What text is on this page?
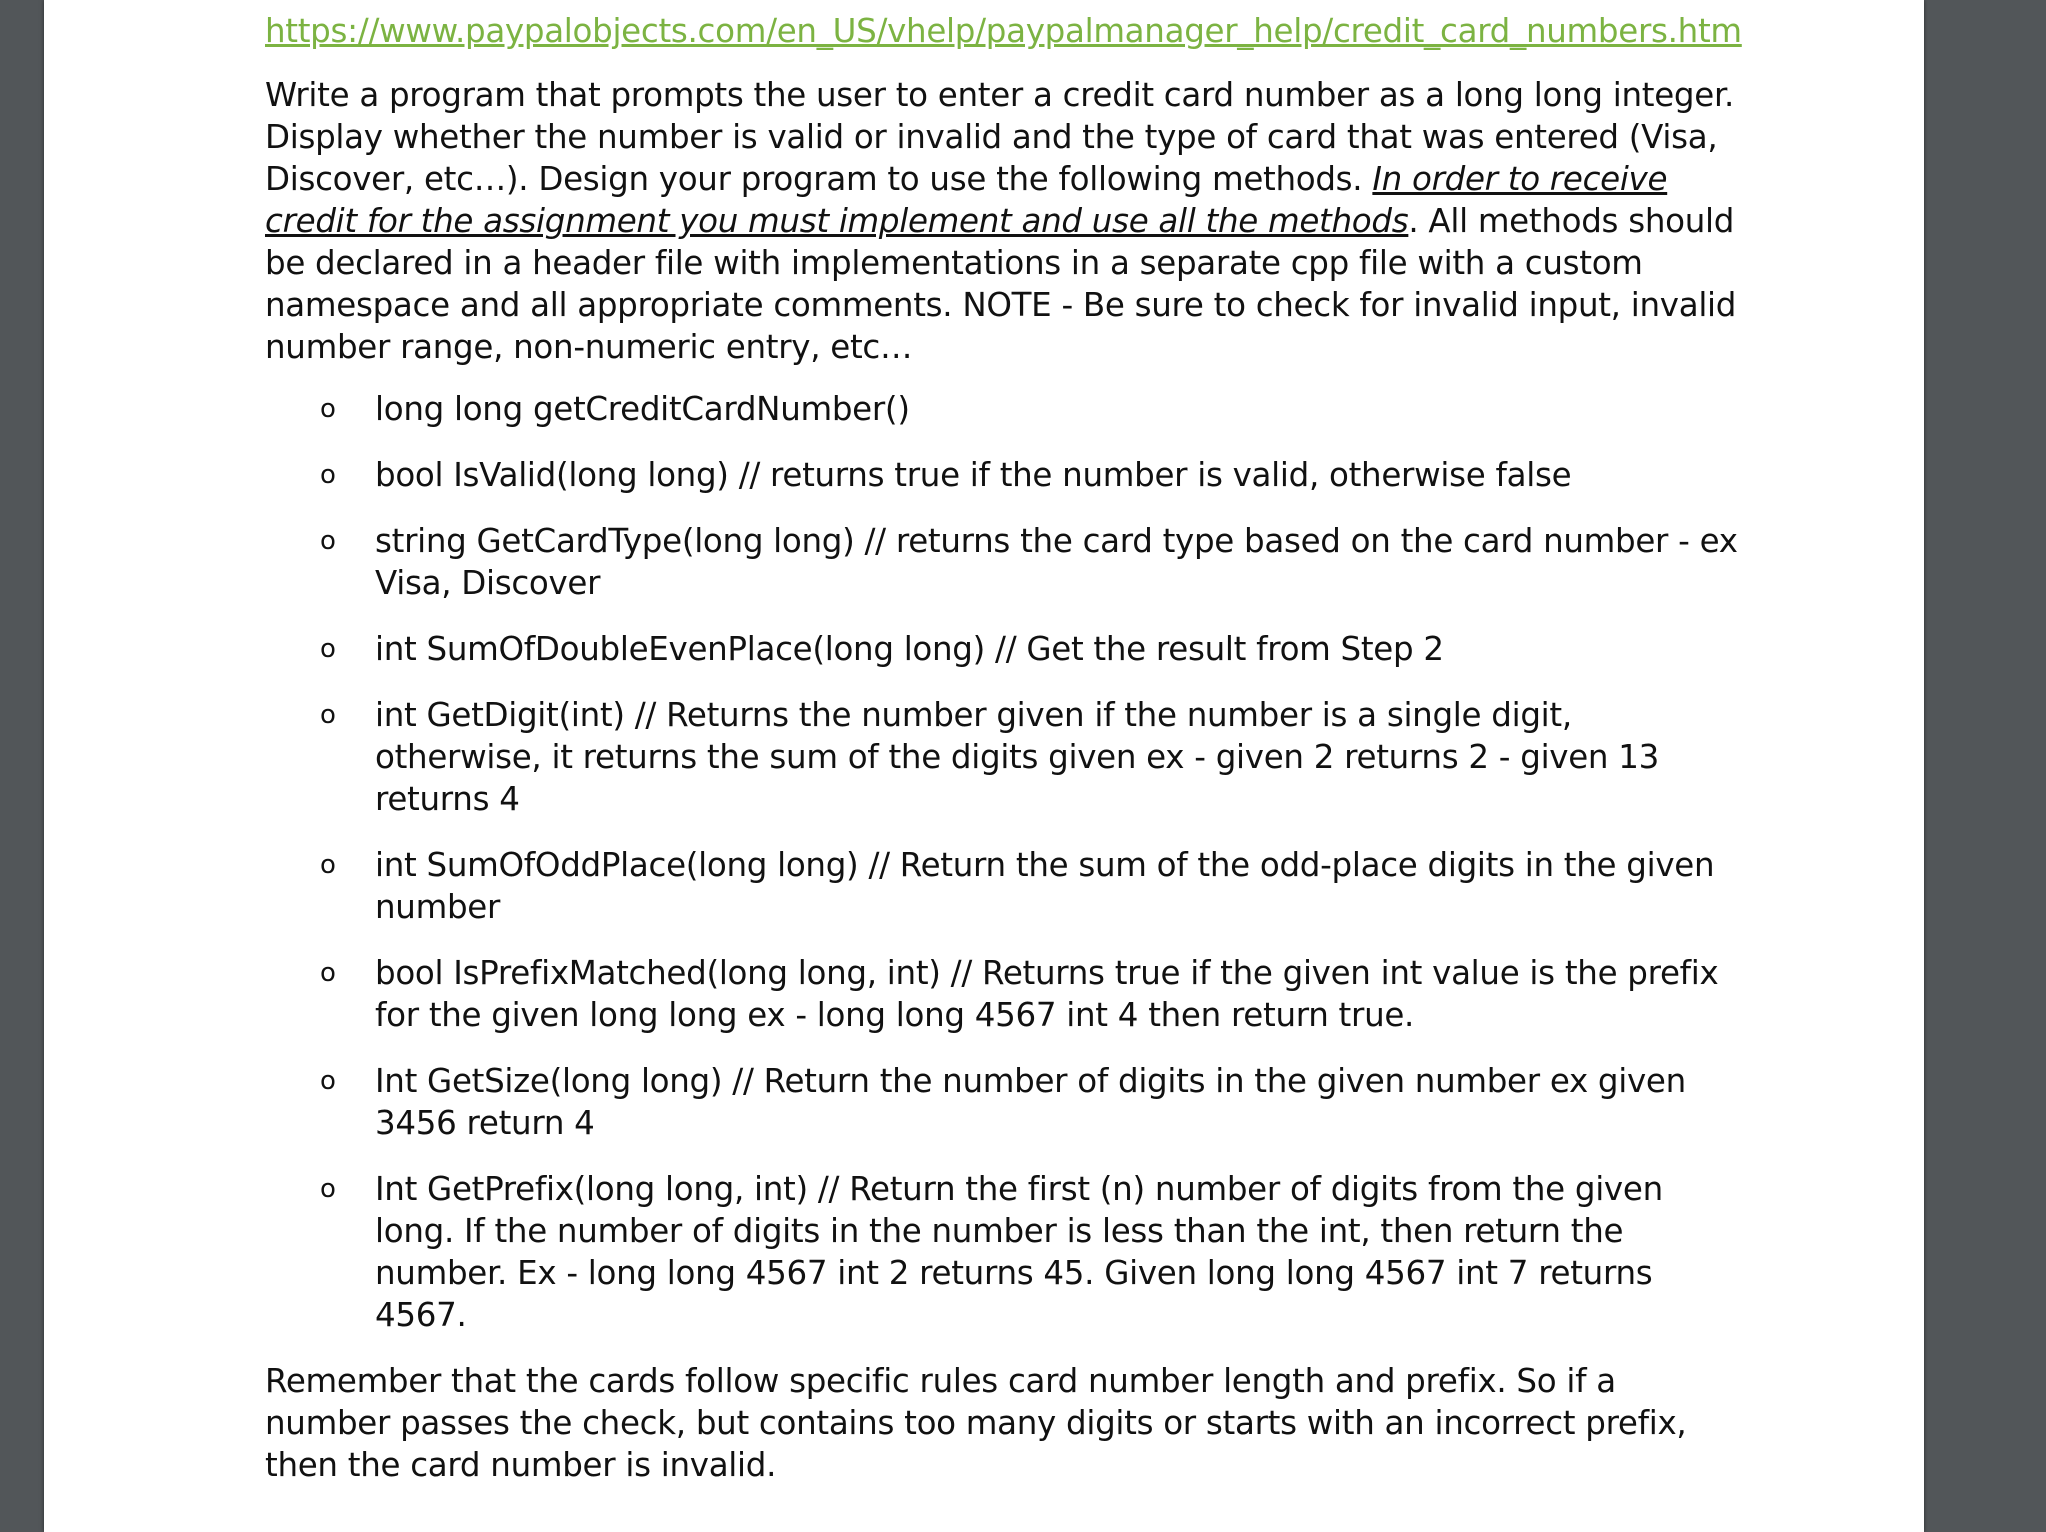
https://www.paypalobjects.com/en_US/vhelp/paypalmanager_help/credit_card_numbers.htm

Write a program that prompts the user to enter a credit card number as a long long integer. Display whether the number is valid or invalid and the type of card that was entered (Visa, Discover, etc…). Design your program to use the following methods. In order to receive credit for the assignment you must implement and use all the methods. All methods should be declared in a header file with implementations in a separate cpp file with a custom namespace and all appropriate comments. NOTE - Be sure to check for invalid input, invalid number range, non-numeric entry, etc…

o long long getCreditCardNumber()
o bool IsValid(long long) // returns true if the number is valid, otherwise false
o string GetCardType(long long) // returns the card type based on the card number - ex Visa, Discover
o int SumOfDoubleEvenPlace(long long) // Get the result from Step 2
o int GetDigit(int) // Returns the number given if the number is a single digit, otherwise, it returns the sum of the digits given ex - given 2 returns 2 - given 13 returns 4
o int SumOfOddPlace(long long) // Return the sum of the odd-place digits in the given number
o bool IsPrefixMatched(long long, int) // Returns true if the given int value is the prefix for the given long long ex - long long 4567 int 4 then return true.
o Int GetSize(long long) // Return the number of digits in the given number ex given 3456 return 4
o Int GetPrefix(long long, int) // Return the first (n) number of digits from the given long. If the number of digits in the number is less than the int, then return the number. Ex - long long 4567 int 2 returns 45. Given long long 4567 int 7 returns 4567.

Remember that the cards follow specific rules card number length and prefix. So if a number passes the check, but contains too many digits or starts with an incorrect prefix, then the card number is invalid.
